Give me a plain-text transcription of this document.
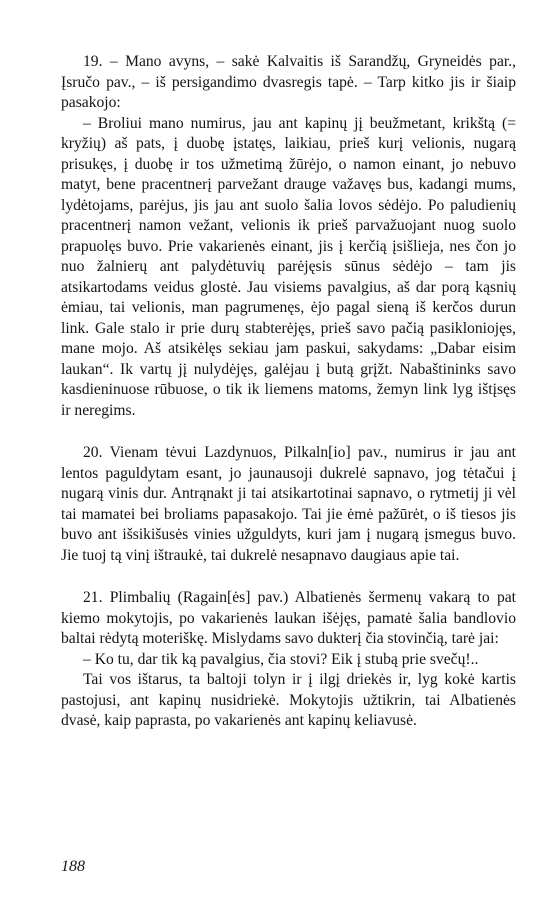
19. – Mano avyns, – sakė Kalvaitis iš Sarandžų, Gryneidės par., Įsručo pav., – iš persigandimo dvasregis tapė. – Tarp kitko jis ir šiaip pasakojo:

– Broliui mano numirus, jau ant kapinų jį beužmetant, krikštą (= kryžių) aš pats, į duobę įstatęs, laikiau, prieš kurį velionis, nugarą prisukęs, į duobę ir tos užmetimą žūrėjo, o namon einant, jo nebuvo matyt, bene pracentnerį parvežant drauge važavęs bus, kadangi mums, lydėtojams, parėjus, jis jau ant suolo šalia lovos sėdėjo. Po paludienių pracentnerį namon vežant, velionis ik prieš parvažuojant nuog suolo prapuolęs buvo. Prie vakarienės einant, jis į kerčią įsišlieja, nes čon jo nuo žalnierų ant palydėtuvių parėjęsis sūnus sėdėjo – tam jis atsikartodams veidus glostė. Jau visiems pavalgius, aš dar porą kąsnių ėmiau, tai velionis, man pagrumenęs, ėjo pagal sieną iš kerčos durun link. Gale stalo ir prie durų stabterėjęs, prieš savo pačią pasikloniojęs, mane mojo. Aš atsikėlęs sekiau jam paskui, sakydams: „Dabar eisim laukan“. Ik vartų jį nulydėjęs, galėjau į butą grįžt. Nabaštininks savo kasdieninuose rūbuose, o tik ik liemens matoms, žemyn link lyg ištįsęs ir neregims.

20. Vienam tėvui Lazdynuos, Pilkaln[io] pav., numirus ir jau ant lentos paguldytam esant, jo jaunausoji dukrelė sapnavo, jog tėtačui į nugarą vinis dur. Antrąnakt ji tai atsikartotinai sapnavo, o rytmetij ji vėl tai mamatei bei broliams papasakojo. Tai jie ėmė pažūrėt, o iš tiesos jis buvo ant išsikišusės vinies užguldyts, kuri jam į nugarą įsmegus buvo. Jie tuoj tą vinį ištraukė, tai dukrelė nesapnavo daugiaus apie tai.

21. Plimbalių (Ragain[ės] pav.) Albatienės šermenų vakarą to pat kiemo mokytojis, po vakarienės laukan išėjęs, pamatė šalia bandlovio baltai rėdytą moteriškę. Mislydams savo dukterį čia stovinčią, tarė jai:

– Ko tu, dar tik ką pavalgius, čia stovi? Eik į stubą prie svečų!..

Tai vos ištarus, ta baltoji tolyn ir į ilgį driekės ir, lyg kokė kartis pastojusi, ant kapinų nusidriekė. Mokytojis užtikrin, tai Albatienės dvasė, kaip paprasta, po vakarienės ant kapinų keliavusė.

188
